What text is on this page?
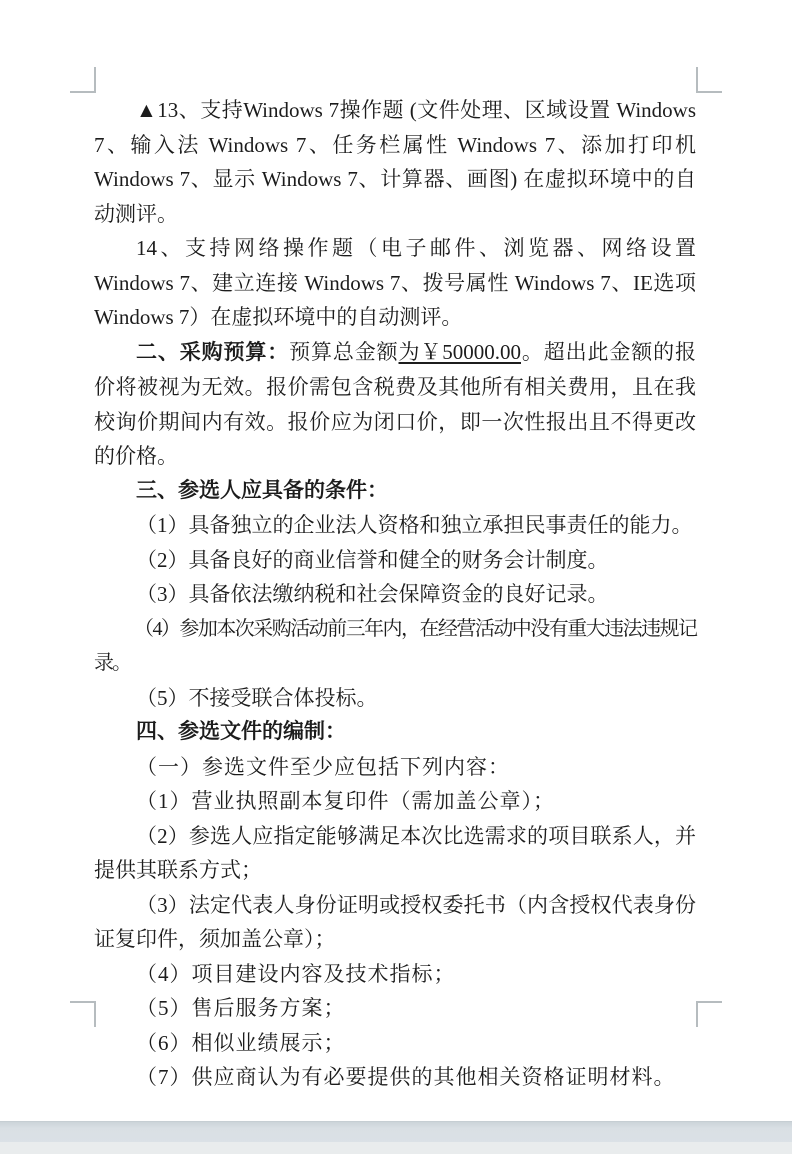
▲13、支持Windows 7操作题 (文件处理、区域设置 Windows 7、输入法 Windows 7、任务栏属性 Windows 7、添加打印机 Windows 7、显示 Windows 7、计算器、画图) 在虚拟环境中的自动测评。

14、支持网络操作题（电子邮件、浏览器、网络设置 Windows 7、建立连接 Windows 7、拨号属性 Windows 7、IE选项 Windows 7）在虚拟环境中的自动测评。

二、采购预算：预算总金额为￥50000.00。超出此金额的报价将被视为无效。报价需包含税费及其他所有相关费用，且在我校询价期间内有效。报价应为闭口价，即一次性报出且不得更改的价格。

三、参选人应具备的条件：

（1）具备独立的企业法人资格和独立承担民事责任的能力。

（2）具备良好的商业信誉和健全的财务会计制度。

（3）具备依法缴纳税和社会保障资金的良好记录。

（4）参加本次采购活动前三年内，在经营活动中没有重大违法违规记录。

（5）不接受联合体投标。

四、参选文件的编制：

（一）参选文件至少应包括下列内容：

（1）营业执照副本复印件（需加盖公章）；

（2）参选人应指定能够满足本次比选需求的项目联系人，并提供其联系方式；

（3）法定代表人身份证明或授权委托书（内含授权代表身份证复印件，须加盖公章）；

（4）项目建设内容及技术指标；

（5）售后服务方案；

（6）相似业绩展示；

（7）供应商认为有必要提供的其他相关资格证明材料。
